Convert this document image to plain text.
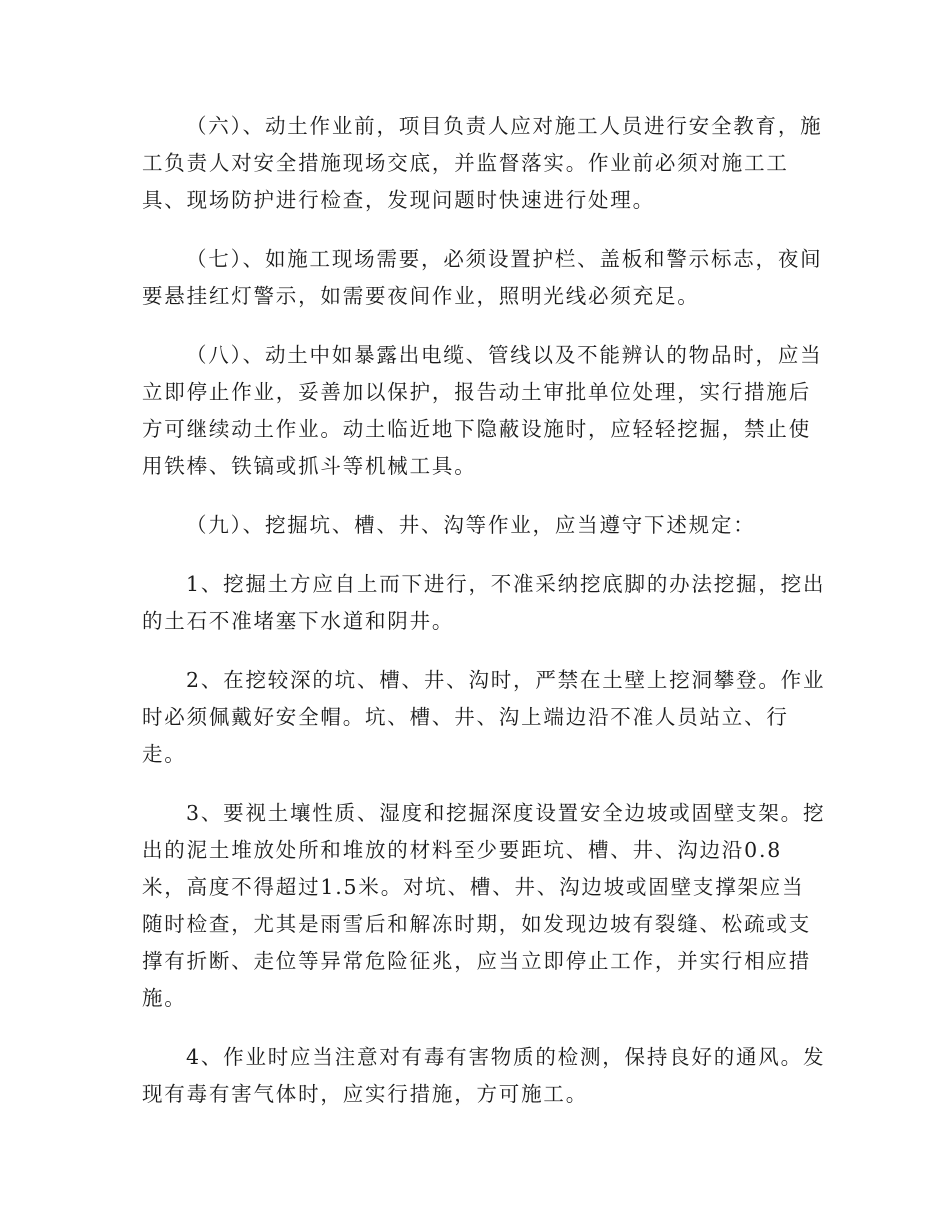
（六）、动土作业前，项目负责人应对施工人员进行安全教育，施
工负责人对安全措施现场交底，并监督落实。作业前必须对施工工
具、现场防护进行检查，发现问题时快速进行处理。
（七）、如施工现场需要，必须设置护栏、盖板和警示标志，夜间
要悬挂红灯警示，如需要夜间作业，照明光线必须充足。
（八）、动土中如暴露出电缆、管线以及不能辨认的物品时，应当
立即停止作业，妥善加以保护，报告动土审批单位处理，实行措施后
方可继续动土作业。动土临近地下隐蔽设施时，应轻轻挖掘，禁止使
用铁棒、铁镐或抓斗等机械工具。
（九）、挖掘坑、槽、井、沟等作业，应当遵守下述规定：
1、挖掘土方应自上而下进行，不准采纳挖底脚的办法挖掘，挖出
的土石不准堵塞下水道和阴井。
2、在挖较深的坑、槽、井、沟时，严禁在土壁上挖洞攀登。作业
时必须佩戴好安全帽。坑、槽、井、沟上端边沿不准人员站立、行
走。
3、要视土壤性质、湿度和挖掘深度设置安全边坡或固壁支架。挖
出的泥土堆放处所和堆放的材料至少要距坑、槽、井、沟边沿0.8
米，高度不得超过1.5米。对坑、槽、井、沟边坡或固壁支撑架应当
随时检查，尤其是雨雪后和解冻时期，如发现边坡有裂缝、松疏或支
撑有折断、走位等异常危险征兆，应当立即停止工作，并实行相应措
施。
4、作业时应当注意对有毒有害物质的检测，保持良好的通风。发
现有毒有害气体时，应实行措施，方可施工。
